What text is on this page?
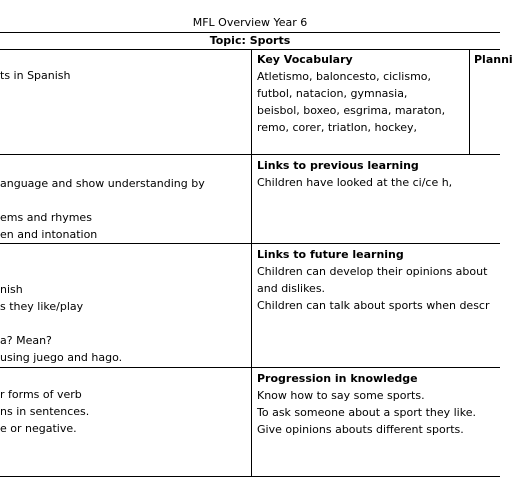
MFL Overview Year 6
Topic: Sports
ts in Spanish
anguage and show understanding by

ems and rhymes
en and intonation

nish
s they like/play

a? Mean?
using juego and hago.
r forms of verb
ns in sentences.
e or negative.
Key Vocabulary
Atletismo, baloncesto, ciclismo,
futbol, natacion, gymnasia,
beisbol, boxeo, esgrima, maraton,
remo, corer, triatlon, hockey,
Planni
Links to previous learning
Children have looked at the ci/ce h,
Links to future learning
Children can develop their opinions about
and dislikes.
Children can talk about sports when descr
Progression in knowledge
Know how to say some sports.
To ask someone about a sport they like.
Give opinions abouts different sports.
